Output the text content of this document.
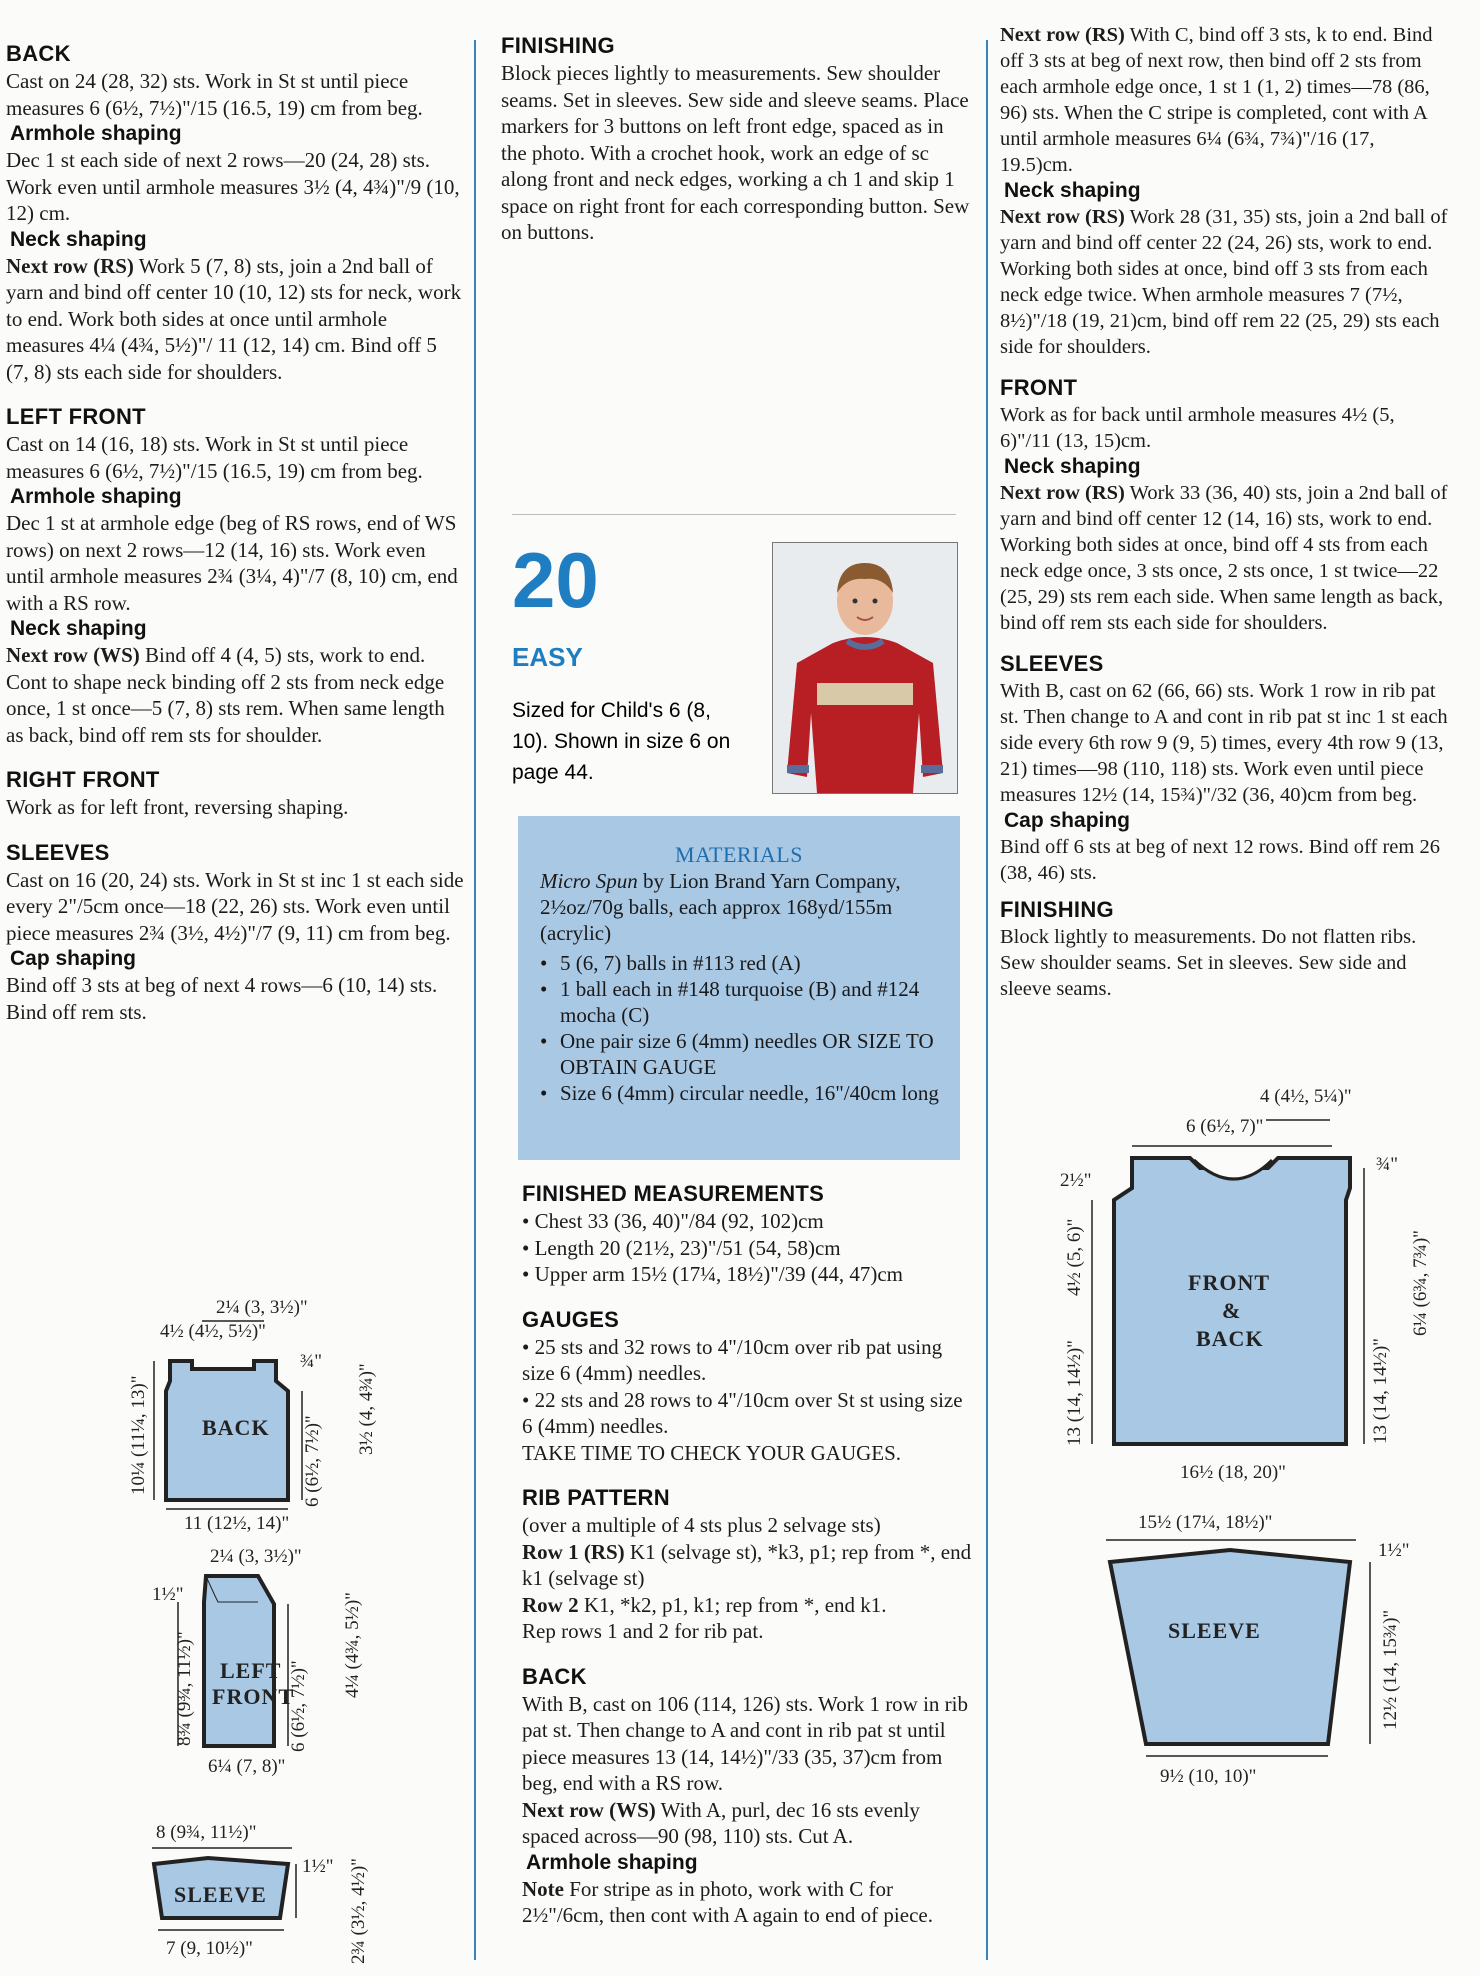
BACK

Cast on 24 (28, 32) sts. Work in St st until piece measures 6 (6½, 7½)"/15 (16.5, 19) cm from beg.

Armhole shaping

Dec 1 st each side of next 2 rows—20 (24, 28) sts. Work even until armhole measures 3½ (4, 4¾)"/9 (10, 12) cm.

Neck shaping

Next row (RS) Work 5 (7, 8) sts, join a 2nd ball of yarn and bind off center 10 (10, 12) sts for neck, work to end. Work both sides at once until armhole measures 4¼ (4¾, 5½)"/ 11 (12, 14) cm. Bind off 5 (7, 8) sts each side for shoulders.

LEFT FRONT

Cast on 14 (16, 18) sts. Work in St st until piece measures 6 (6½, 7½)"/15 (16.5, 19) cm from beg.

Armhole shaping

Dec 1 st at armhole edge (beg of RS rows, end of WS rows) on next 2 rows—12 (14, 16) sts. Work even until armhole measures 2¾ (3¼, 4)"/7 (8, 10) cm, end with a RS row.

Neck shaping

Next row (WS) Bind off 4 (4, 5) sts, work to end. Cont to shape neck binding off 2 sts from neck edge once, 1 st once—5 (7, 8) sts rem. When same length as back, bind off rem sts for shoulder.

RIGHT FRONT

Work as for left front, reversing shaping.

SLEEVES

Cast on 16 (20, 24) sts. Work in St st inc 1 st each side every 2"/5cm once—18 (22, 26) sts. Work even until piece measures 2¾ (3½, 4½)"/7 (9, 11) cm from beg.

Cap shaping

Bind off 3 sts at beg of next 4 rows—6 (10, 14) sts. Bind off rem sts.

BACK
2¼ (3, 3½)"
4½ (4½, 5½)"
11 (12½, 14)"
10¼ (11¼, 13)"
¾"
6 (6½, 7½)"
3½ (4, 4¾)"
LEFT
FRONT
2¼ (3, 3½)"
1½"
8¾ (9¾, 11½)"	6 (6½, 7½)"
4¼ (4¾, 5½)"
6¼ (7, 8)"
SLEEVE
8 (9¾, 11½)"
1½" 2¾ (3½, 4½)"
7 (9, 10½)"
FINISHING

Block pieces lightly to measurements. Sew shoulder seams. Set in sleeves. Sew side and sleeve seams. Place markers for 3 buttons on left front edge, spaced as in the photo. With a crochet hook, work an edge of sc along front and neck edges, working a ch 1 and skip 1 space on right front for each corresponding button. Sew on buttons.

20
EASY
Sized for Child's 6 (8, 10). Shown in size 6 on page 44.
MATERIALS
Micro Spun by Lion Brand Yarn Company, 2½oz/70g balls, each approx 168yd/155m (acrylic)
• 5 (6, 7) balls in #113 red (A)
• 1 ball each in #148 turquoise (B) and #124 mocha (C)
• One pair size 6 (4mm) needles OR SIZE TO OBTAIN GAUGE
• Size 6 (4mm) circular needle, 16"/40cm long
FINISHED MEASUREMENTS

• Chest 33 (36, 40)"/84 (92, 102)cm

• Length 20 (21½, 23)"/51 (54, 58)cm

• Upper arm 15½ (17¼, 18½)"/39 (44, 47)cm

GAUGES

• 25 sts and 32 rows to 4"/10cm over rib pat using size 6 (4mm) needles.

• 22 sts and 28 rows to 4"/10cm over St st using size 6 (4mm) needles.

TAKE TIME TO CHECK YOUR GAUGES.

RIB PATTERN

(over a multiple of 4 sts plus 2 selvage sts)

Row 1 (RS) K1 (selvage st), *k3, p1; rep from *, end k1 (selvage st)

Row 2 K1, *k2, p1, k1; rep from *, end k1.

Rep rows 1 and 2 for rib pat.

BACK

With B, cast on 106 (114, 126) sts. Work 1 row in rib pat st. Then change to A and cont in rib pat st until piece measures 13 (14, 14½)"/33 (35, 37)cm from beg, end with a RS row.

Next row (WS) With A, purl, dec 16 sts evenly spaced across—90 (98, 110) sts. Cut A.

Armhole shaping

Note For stripe as in photo, work with C for 2½"/6cm, then cont with A again to end of piece.

Next row (RS) With C, bind off 3 sts, k to end. Bind off 3 sts at beg of next row, then bind off 2 sts from each armhole edge once, 1 st 1 (1, 2) times—78 (86, 96) sts. When the C stripe is completed, cont with A until armhole measures 6¼ (6¾, 7¾)"/16 (17, 19.5)cm.

Neck shaping

Next row (RS) Work 28 (31, 35) sts, join a 2nd ball of yarn and bind off center 22 (24, 26) sts, work to end. Working both sides at once, bind off 3 sts from each neck edge twice. When armhole measures 7 (7½, 8½)"/18 (19, 21)cm, bind off rem 22 (25, 29) sts each side for shoulders.

FRONT

Work as for back until armhole measures 4½ (5, 6)"/11 (13, 15)cm.

Neck shaping

Next row (RS) Work 33 (36, 40) sts, join a 2nd ball of yarn and bind off center 12 (14, 16) sts, work to end. Working both sides at once, bind off 4 sts from each neck edge once, 3 sts once, 2 sts once, 1 st twice—22 (25, 29) sts rem each side. When same length as back, bind off rem sts each side for shoulders.

SLEEVES

With B, cast on 62 (66, 66) sts. Work 1 row in rib pat st. Then change to A and cont in rib pat st inc 1 st each side every 6th row 9 (9, 5) times, every 4th row 9 (13, 21) times—98 (110, 118) sts. Work even until piece measures 12½ (14, 15¾)"/32 (36, 40)cm from beg.

Cap shaping

Bind off 6 sts at beg of next 12 rows. Bind off rem 26 (38, 46) sts.

FINISHING

Block lightly to measurements. Do not flatten ribs. Sew shoulder seams. Set in sleeves. Sew side and sleeve seams.

FRONT
&
BACK
4 (4½, 5¼)"
6 (6½, 7)"
2½"
4½ (5, 6)"
13 (14, 14½)"
¾"
13 (14, 14½)"
6¼ (6¾, 7¾)"
16½ (18, 20)"
SLEEVE
15½ (17¼, 18½)"
1½"
12½ (14, 15¾)"
9½ (10, 10)"
